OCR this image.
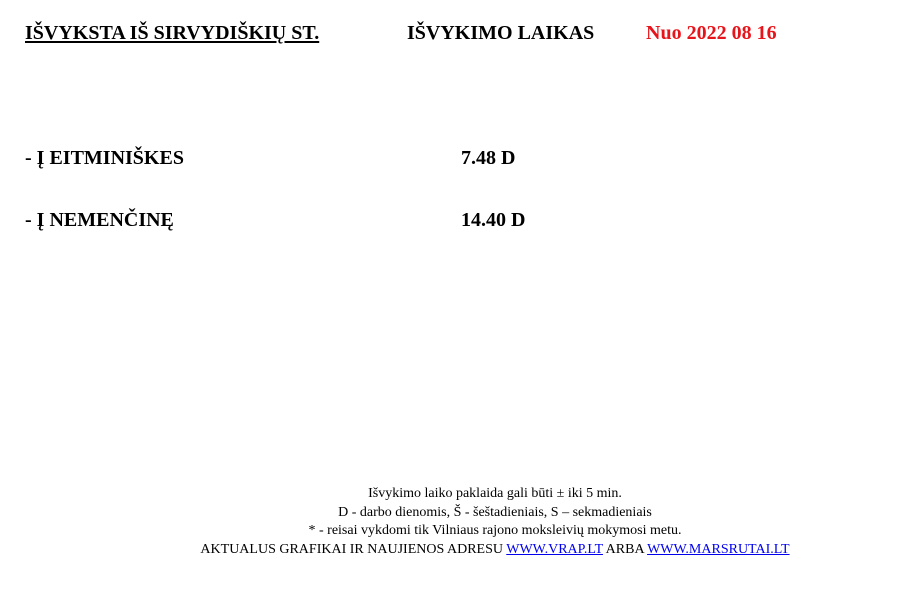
IŠVYKSTA IŠ SIRVYDIŠKIŲ ST.	IŠVYKIMO LAIKAS	Nuo 2022 08 16
- Į EITMINIŠKES	7.48 D
- Į NEMENČINĘ	14.40 D
Išvykimo laiko paklaida gali būti ± iki 5 min.
D - darbo dienomis, Š - šeštadieniais, S – sekmadieniais
* - reisai vykdomi tik Vilniaus rajono moksleivių mokymosi metu.
AKTUALUS GRAFIKAI IR NAUJIENOS ADRESU WWW.VRAP.LT ARBA WWW.MARSRUTAI.LT
